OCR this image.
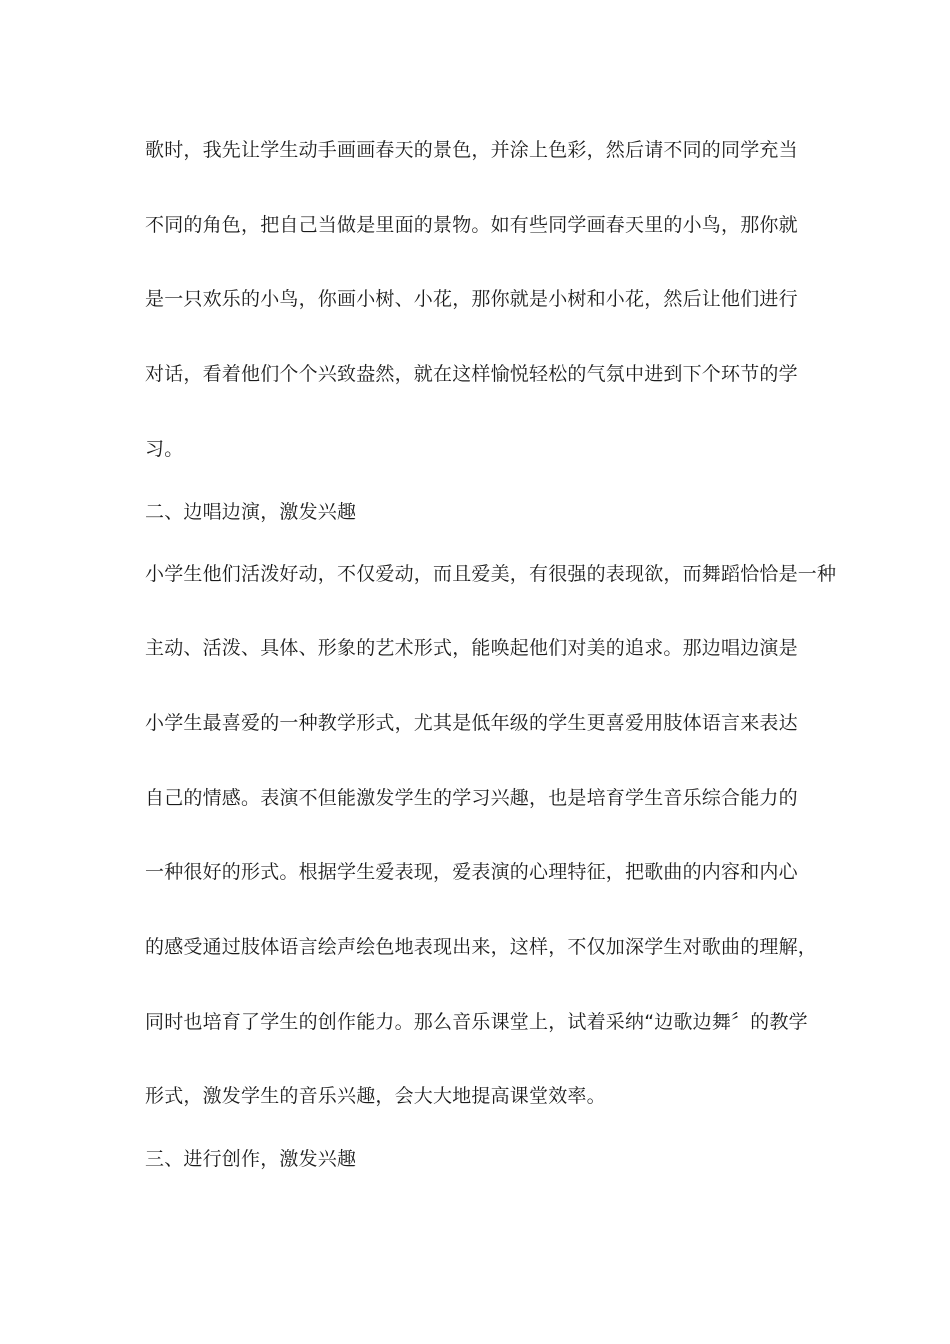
歌时，我先让学生动手画画春天的景色，并涂上色彩，然后请不同的同学充当
不同的角色，把自己当做是里面的景物。如有些同学画春天里的小鸟，那你就
是一只欢乐的小鸟，你画小树、小花，那你就是小树和小花，然后让他们进行
对话，看着他们个个兴致盎然，就在这样愉悦轻松的气氛中进到下个环节的学
习。
二、边唱边演，激发兴趣
小学生他们活泼好动，不仅爱动，而且爱美，有很强的表现欲，而舞蹈恰恰是一种
主动、活泼、具体、形象的艺术形式，能唤起他们对美的追求。那边唱边演是
小学生最喜爱的一种教学形式，尤其是低年级的学生更喜爱用肢体语言来表达
自己的情感。表演不但能激发学生的学习兴趣，也是培育学生音乐综合能力的
一种很好的形式。根据学生爱表现，爱表演的心理特征，把歌曲的内容和内心
的感受通过肢体语言绘声绘色地表现出来，这样，不仅加深学生对歌曲的理解，
同时也培育了学生的创作能力。那么音乐课堂上，试着采纳“边歌边舞〞的教学
形式，激发学生的音乐兴趣，会大大地提高课堂效率。
三、进行创作，激发兴趣
